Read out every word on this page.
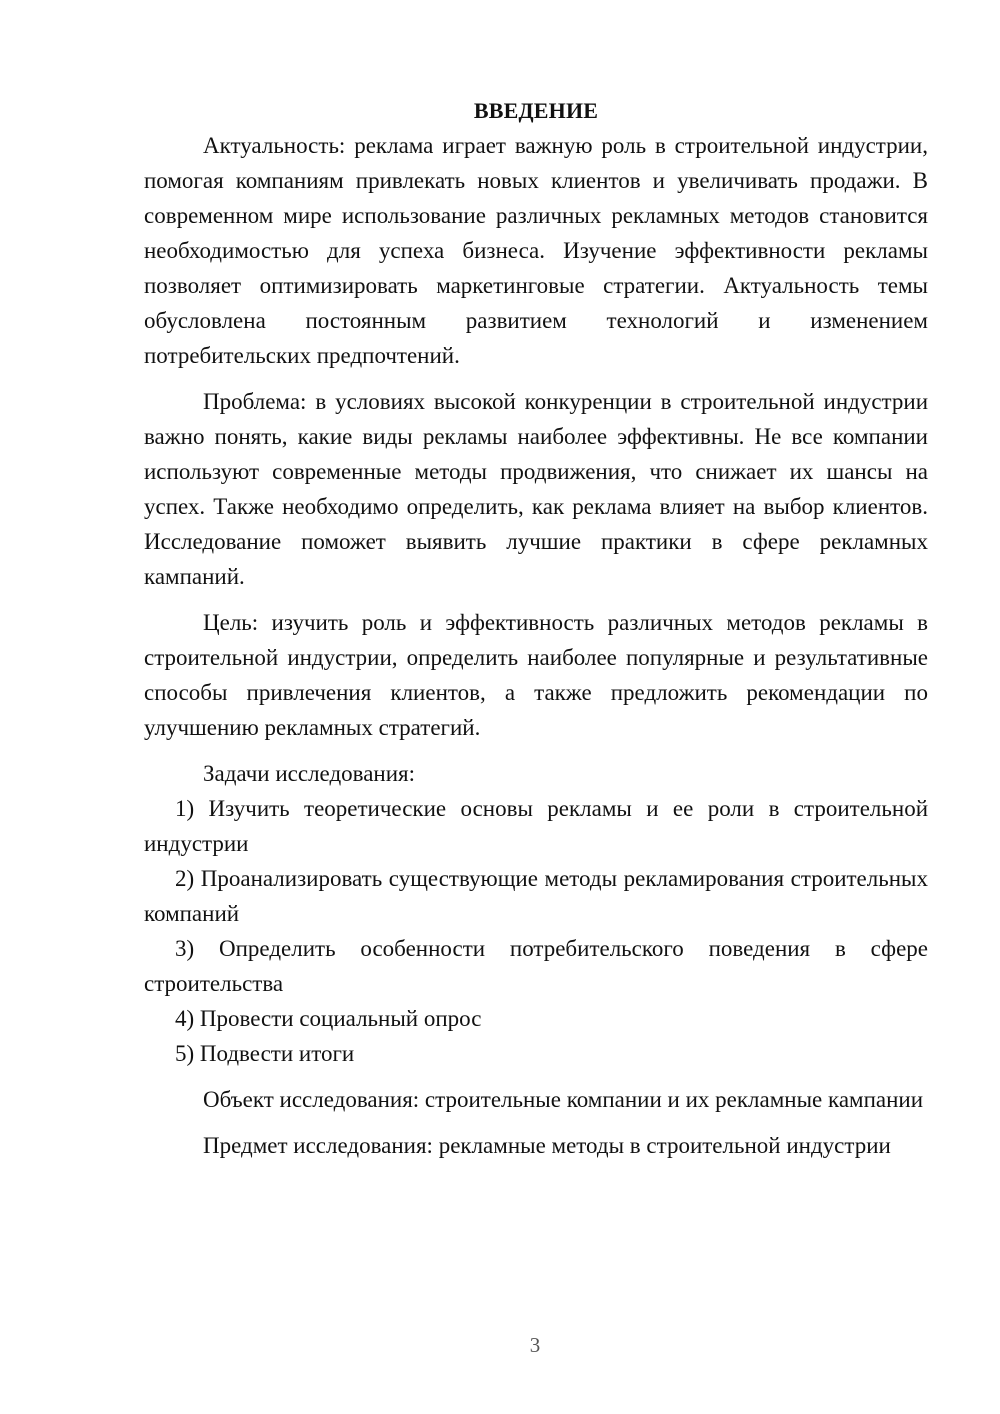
ВВЕДЕНИЕ

Актуальность: реклама играет важную роль в строительной индустрии, помогая компаниям привлекать новых клиентов и увеличивать продажи. В современном мире использование различных рекламных методов становится необходимостью для успеха бизнеса. Изучение эффективности рекламы позволяет оптимизировать маркетинговые стратегии. Актуальность темы обусловлена постоянным развитием технологий и изменением потребительских предпочтений.

Проблема: в условиях высокой конкуренции в строительной индустрии важно понять, какие виды рекламы наиболее эффективны. Не все компании используют современные методы продвижения, что снижает их шансы на успех. Также необходимо определить, как реклама влияет на выбор клиентов. Исследование поможет выявить лучшие практики в сфере рекламных кампаний.

Цель: изучить роль и эффективность различных методов рекламы в строительной индустрии, определить наиболее популярные и результативные способы привлечения клиентов, а также предложить рекомендации по улучшению рекламных стратегий.

Задачи исследования:

1) Изучить теоретические основы рекламы и ее роли в строительной индустрии

2) Проанализировать существующие методы рекламирования строительных компаний

3) Определить особенности потребительского поведения в сфере строительства

4) Провести социальный опрос

5) Подвести итоги

Объект исследования: строительные компании и их рекламные кампании

Предмет исследования: рекламные методы в строительной индустрии

3
